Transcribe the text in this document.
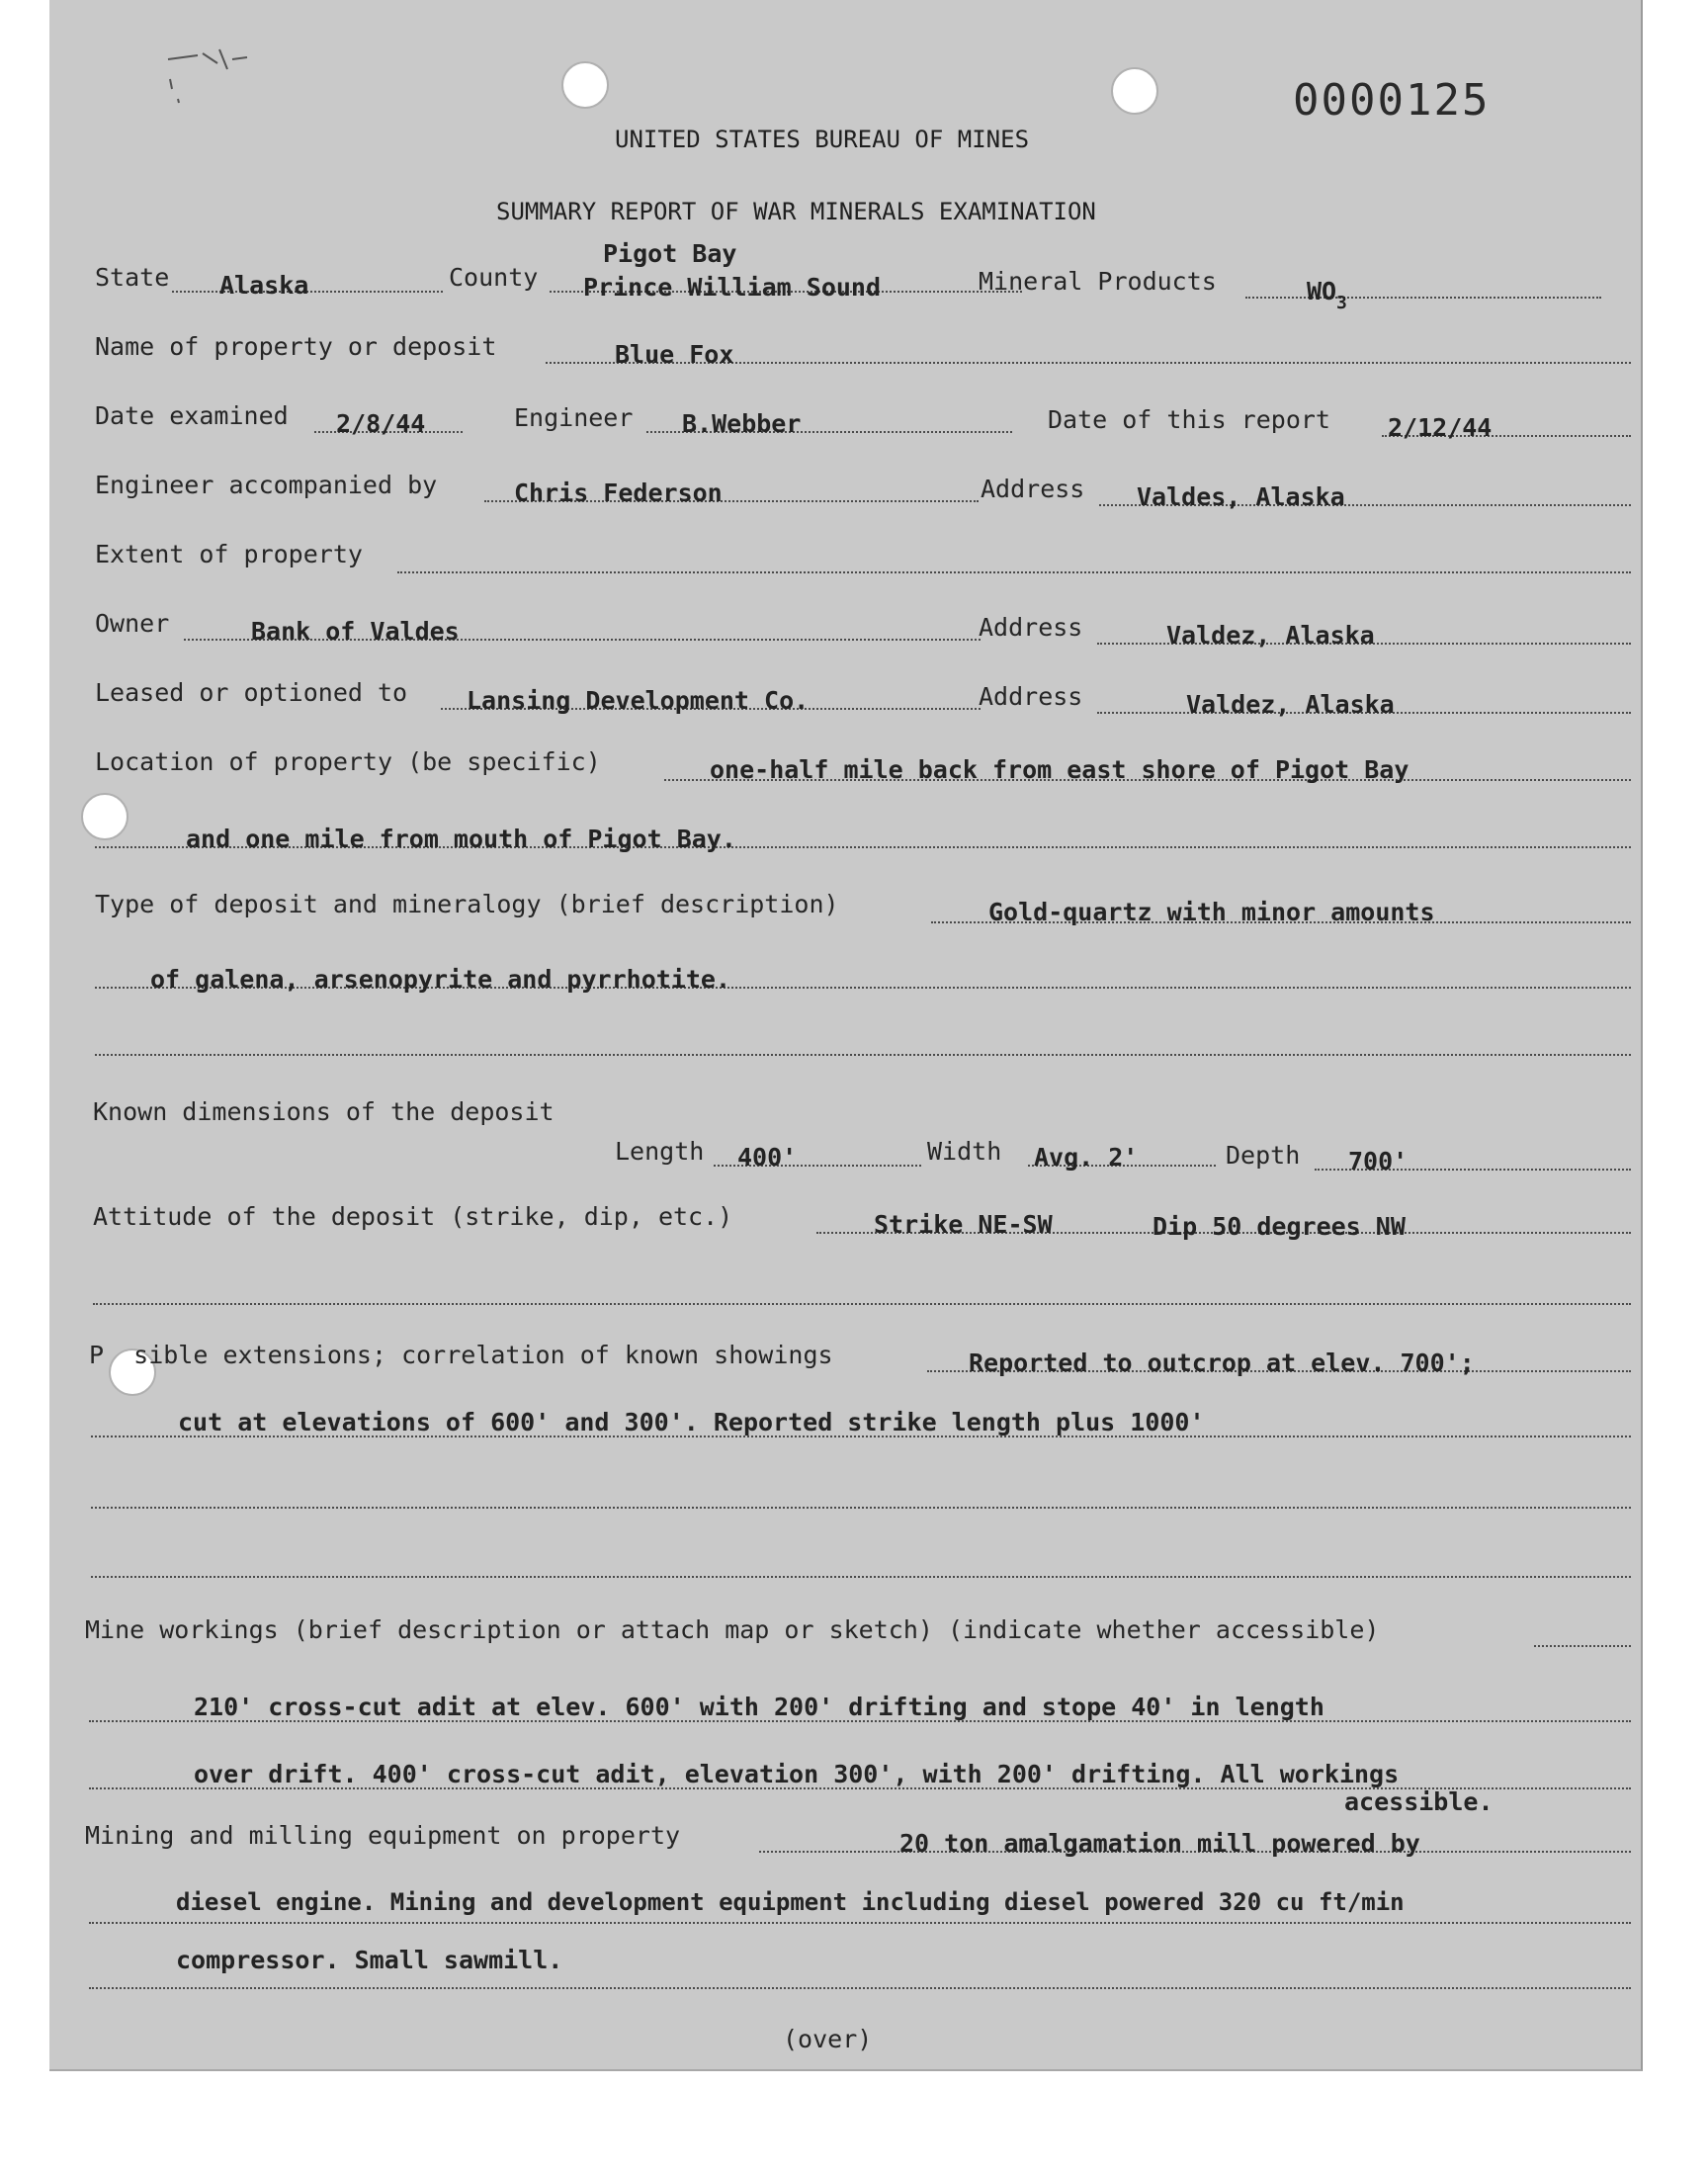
0000125
UNITED STATES BUREAU OF MINES
SUMMARY REPORT OF WAR MINERALS EXAMINATION
State Alaska	County
Pigot Bay
Prince William Sound	Mineral Products	WO 3
Name of property or deposit	Blue Fox
Date examined 2/8/44	Engineer B.Webber	Date of this report 2/12/44
Engineer accompanied by	Chris Federson	Address Valdes, Alaska
Extent of property
Owner	Bank of Valdes	Address	Valdez, Alaska
Leased or optioned to Lansing Development Co.	Address	Valdez, Alaska
Location of property (be specific)	one-half mile back from east shore of Pigot Bay
and one mile from mouth of Pigot Bay.
Type of deposit and mineralogy (brief description)	Gold-quartz with minor amounts
of galena, arsenopyrite and pyrrhotite.
Known dimensions of the deposit
Length 400'	Width Avg. 2'	Depth 700'
Attitude of the deposit (strike, dip, etc.)	Strike NE-SW	Dip 50 degrees NW
P  sible extensions; correlation of known showings	Reported to outcrop at elev. 700';
cut at elevations of 600' and 300'. Reported strike length plus 1000'
Mine workings (brief description or attach map or sketch) (indicate whether accessible)
210' cross-cut adit at elev. 600' with 200' drifting and stope 40' in length
over drift. 400' cross-cut adit, elevation 300', with 200' drifting. All workings
acessible.
Mining and milling equipment on property	20 ton amalgamation mill powered by
diesel engine. Mining and development equipment including diesel powered 320 cu ft/min
compressor. Small sawmill.
(over)
